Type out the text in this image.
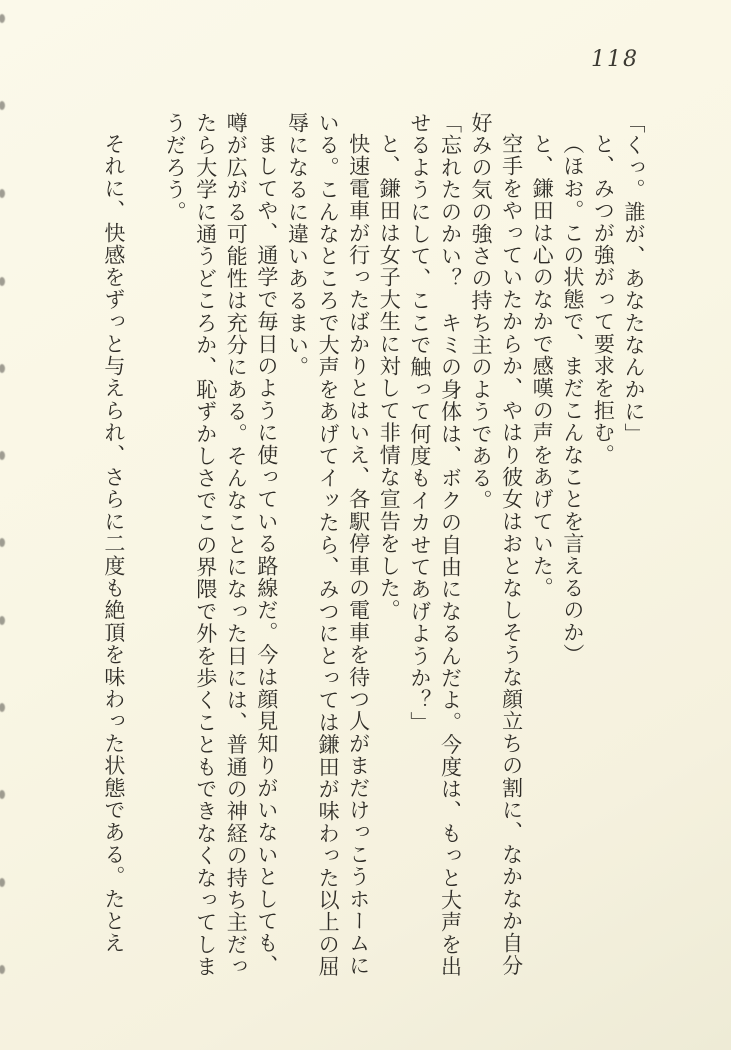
118

「くっ。誰が、あなたなんかに」

と、みつが強がって要求を拒む。

（ほお。この状態で、まだこんなことを言えるのか）

と、鎌田は心のなかで感嘆の声をあげていた。

空手をやっていたからか、やはり彼女はおとなしそうな顔立ちの割に、なかなか自分好みの気の強さの持ち主のようである。

「忘れたのかい？　キミの身体は、ボクの自由になるんだよ。今度は、もっと大声を出せるようにして、ここで触って何度もイカせてあげようか？」

と、鎌田は女子大生に対して非情な宣告をした。

快速電車が行ったばかりとはいえ、各駅停車の電車を待つ人がまだけっこうホームにいる。こんなところで大声をあげてイッたら、みつにとっては鎌田が味わった以上の屈辱になるに違いあるまい。

ましてや、通学で毎日のように使っている路線だ。今は顔見知りがいないとしても、噂が広がる可能性は充分にある。そんなことになった日には、普通の神経の持ち主だったら大学に通うどころか、恥ずかしさでこの界隈で外を歩くこともできなくなってしまうだろう。

それに、快感をずっと与えられ、さらに二度も絶頂を味わった状態である。たとえ
